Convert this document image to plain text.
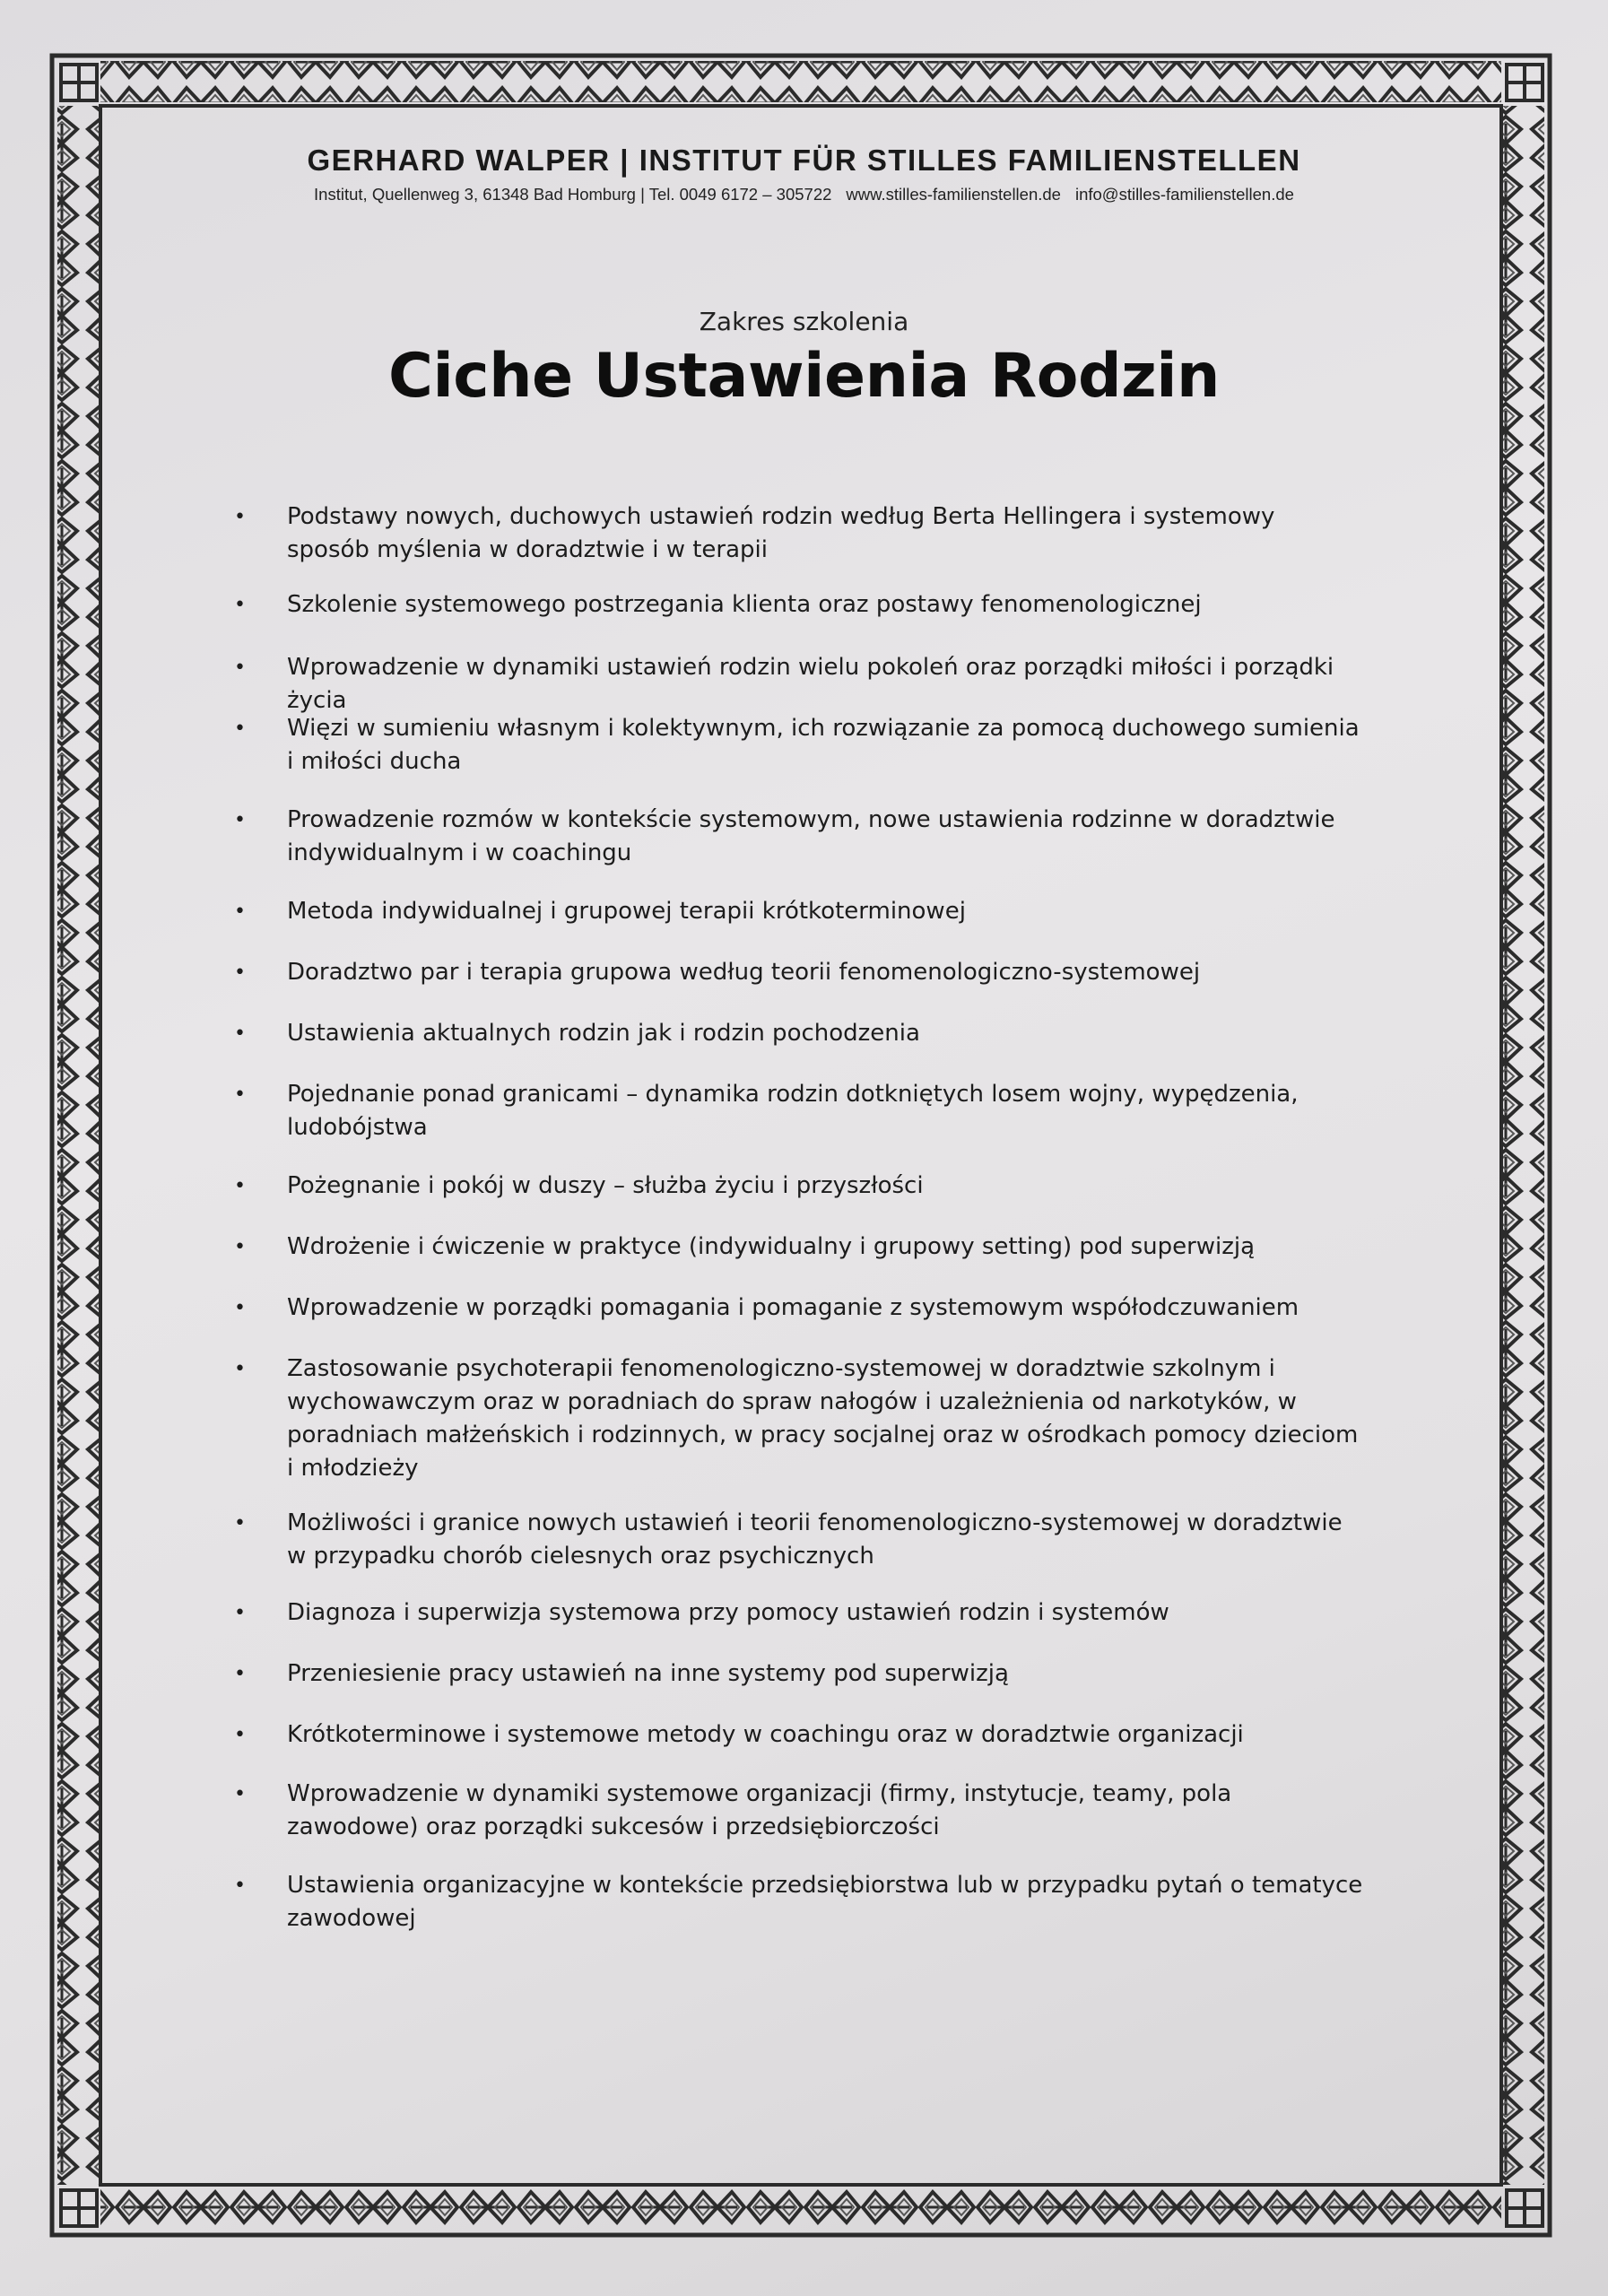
GERHARD WALPER | INSTITUT FÜR STILLES FAMILIENSTELLEN
Institut, Quellenweg 3, 61348 Bad Homburg | Tel. 0049 6172 – 305722 www.stilles-familienstellen.de info@stilles-familienstellen.de
Zakres szkolenia
Ciche Ustawienia Rodzin
• Podstawy nowych, duchowych ustawień rodzin według Berta Hellingera i systemowy sposób myślenia w doradztwie i w terapii
• Szkolenie systemowego postrzegania klienta oraz postawy fenomenologicznej
• Wprowadzenie w dynamiki ustawień rodzin wielu pokoleń oraz porządki miłości i porządki życia
• Więzi w sumieniu własnym i kolektywnym, ich rozwiązanie za pomocą duchowego sumienia i miłości ducha
• Prowadzenie rozmów w kontekście systemowym, nowe ustawienia rodzinne w doradztwie indywidualnym i w coachingu
• Metoda indywidualnej i grupowej terapii krótkoterminowej
• Doradztwo par i terapia grupowa według teorii fenomenologiczno-systemowej
• Ustawienia aktualnych rodzin jak i rodzin pochodzenia
• Pojednanie ponad granicami – dynamika rodzin dotkniętych losem wojny, wypędzenia, ludobójstwa
• Pożegnanie i pokój w duszy – służba życiu i przyszłości
• Wdrożenie i ćwiczenie w praktyce (indywidualny i grupowy setting) pod superwizją
• Wprowadzenie w porządki pomagania i pomaganie z systemowym współodczuwaniem
• Zastosowanie psychoterapii fenomenologiczno-systemowej w doradztwie szkolnym i wychowawczym oraz w poradniach do spraw nałogów i uzależnienia od narkotyków, w poradniach małżeńskich i rodzinnych, w pracy socjalnej oraz w ośrodkach pomocy dzieciom i młodzieży
• Możliwości i granice nowych ustawień i teorii fenomenologiczno-systemowej w doradztwie w przypadku chorób cielesnych oraz psychicznych
• Diagnoza i superwizja systemowa przy pomocy ustawień rodzin i systemów
• Przeniesienie pracy ustawień na inne systemy pod superwizją
• Krótkoterminowe i systemowe metody w coachingu oraz w doradztwie organizacji
• Wprowadzenie w dynamiki systemowe organizacji (firmy, instytucje, teamy, pola zawodowe) oraz porządki sukcesów i przedsiębiorczości
• Ustawienia organizacyjne w kontekście przedsiębiorstwa lub w przypadku pytań o tematyce zawodowej
